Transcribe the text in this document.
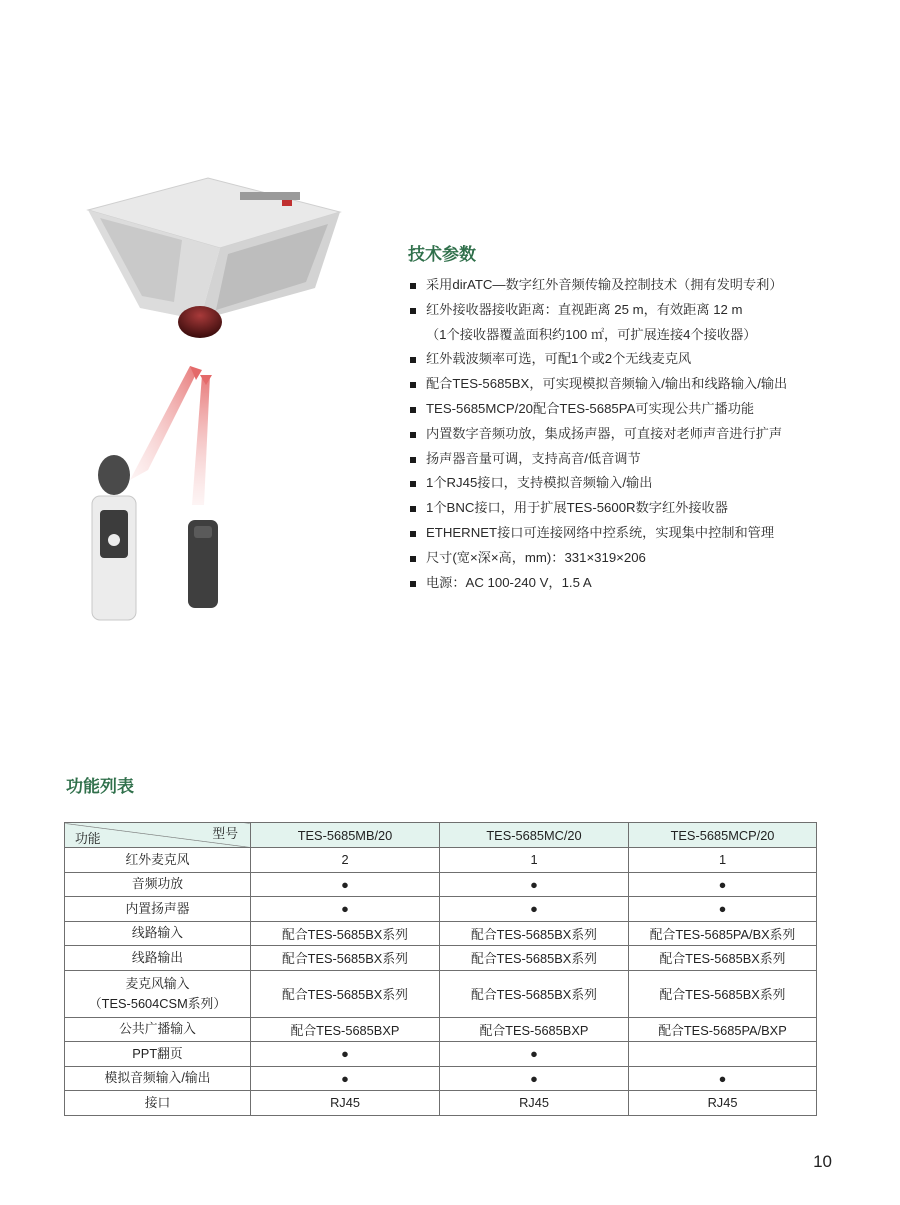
技术参数
采用dirATC—数字红外音频传输及控制技术（拥有发明专利）
红外接收器接收距离：直视距离 25 m，有效距离 12 m
（1个接收器覆盖面积约100 ㎡，可扩展连接4个接收器）
红外载波频率可选，可配1个或2个无线麦克风
配合TES-5685BX，可实现模拟音频输入/输出和线路输入/输出
TES-5685MCP/20配合TES-5685PA可实现公共广播功能
内置数字音频功放，集成扬声器，可直接对老师声音进行扩声
扬声器音量可调，支持高音/低音调节
1个RJ45接口，支持模拟音频输入/输出
1个BNC接口，用于扩展TES-5600R数字红外接收器
ETHERNET接口可连接网络中控系统，实现集中控制和管理
尺寸(宽×深×高，mm)：331×319×206
电源：AC 100-240 V，1.5 A
功能列表
型号
功能	TES-5685MB/20	TES-5685MC/20	TES-5685MCP/20
红外麦克风	2	1	1
音频功放	●	●	●
内置扬声器	●	●	●
线路输入	配合TES-5685BX系列	配合TES-5685BX系列	配合TES-5685PA/BX系列
线路输出	配合TES-5685BX系列	配合TES-5685BX系列	配合TES-5685BX系列

麦克风输入
（TES-5604CSM系列）	配合TES-5685BX系列	配合TES-5685BX系列	配合TES-5685BX系列
公共广播输入	配合TES-5685BXP	配合TES-5685BXP	配合TES-5685PA/BXP
PPT翻页	●	●	
模拟音频输入/输出	●	●	●
接口	RJ45	RJ45	RJ45
10
